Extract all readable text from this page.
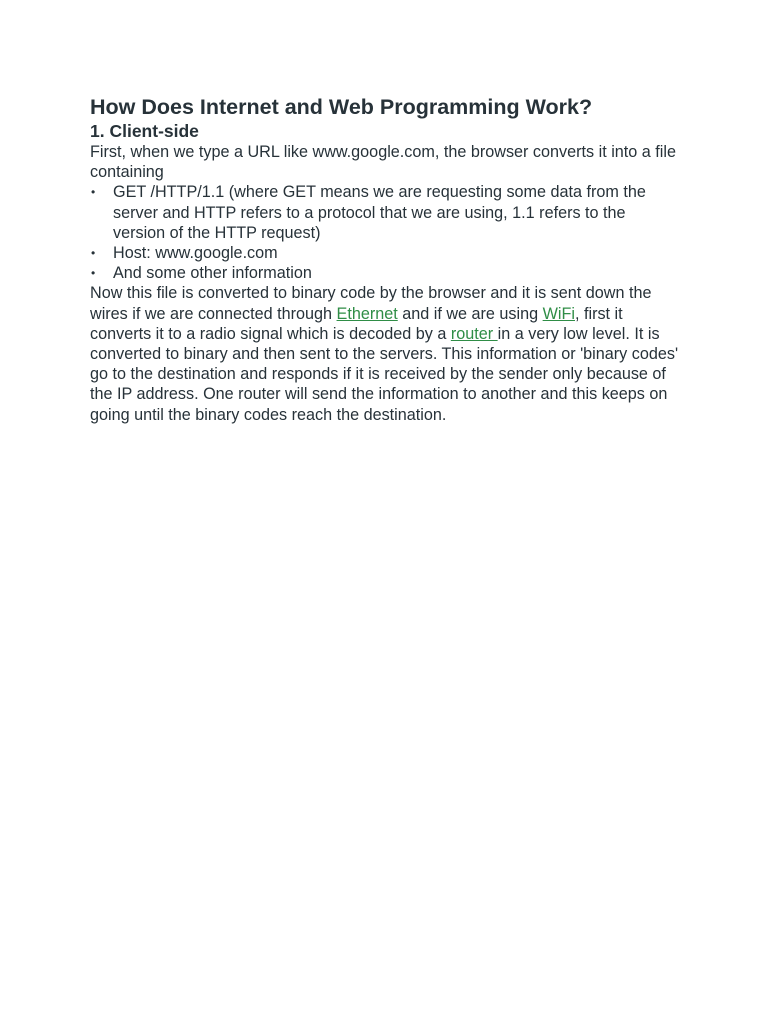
How Does Internet and Web Programming Work?
1. Client-side

First, when we type a URL like www.google.com, the browser converts it into a file containing

• GET /HTTP/1.1 (where GET means we are requesting some data from the server and HTTP refers to a protocol that we are using, 1.1 refers to the version of the HTTP request)
• Host: www.google.com
• And some other information

Now this file is converted to binary code by the browser and it is sent down the wires if we are connected through Ethernet and if we are using WiFi, first it converts it to a radio signal which is decoded by a router in a very low level. It is converted to binary and then sent to the servers. This information or 'binary codes' go to the destination and responds if it is received by the sender only because of the IP address. One router will send the information to another and this keeps on going until the binary codes reach the destination.
